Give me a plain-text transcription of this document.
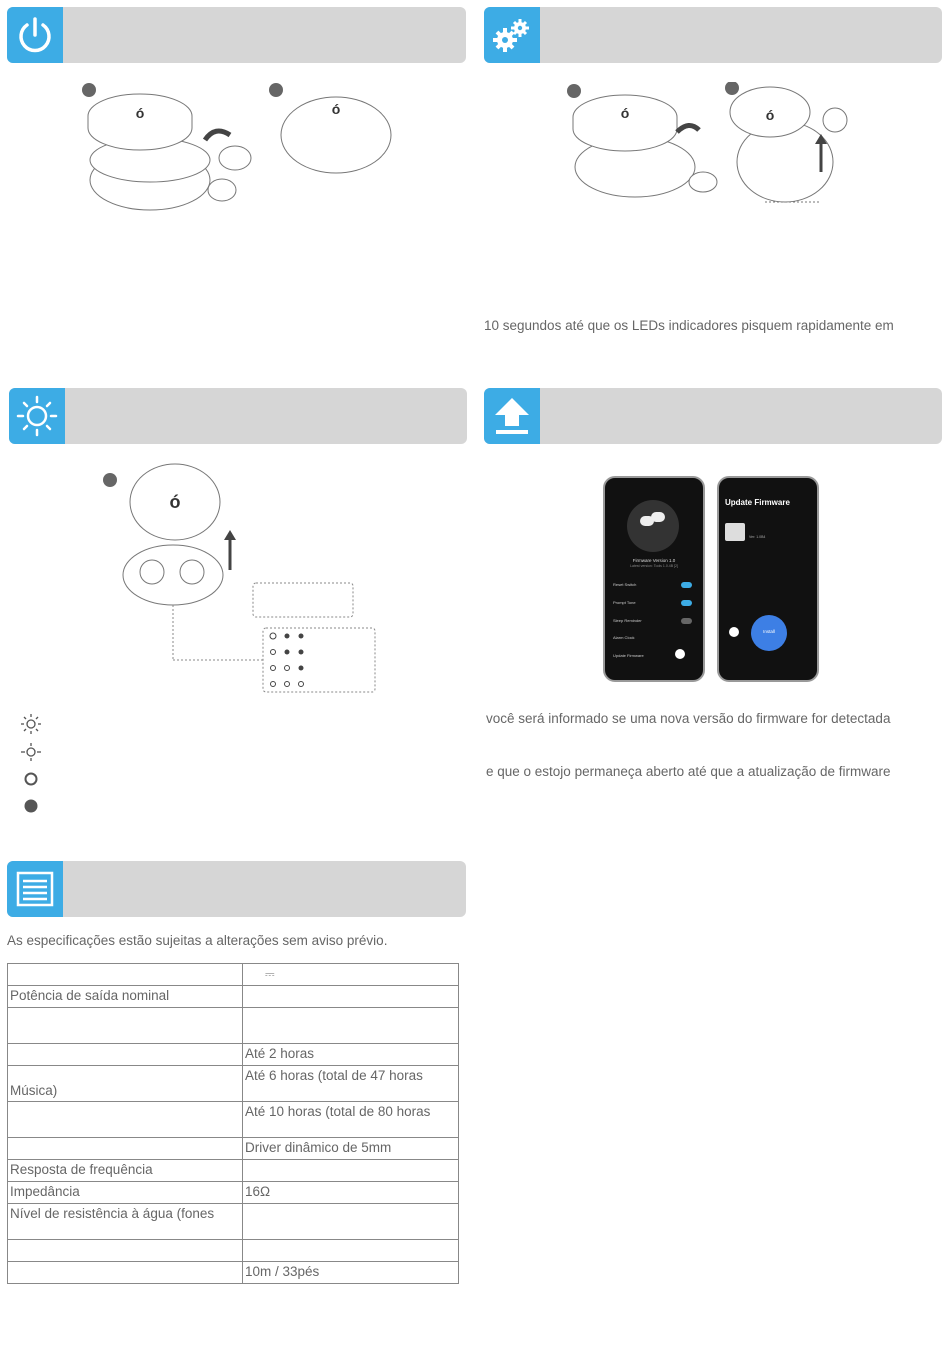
ó	ó	ó	ó
10 segundos até que os LEDs indicadores pisquem rapidamente em
ó
Firmware Version 1.0
Latest version: Tools 1.0.4B [2]
Reset Switch
Prompt Tone
Sleep Reminder
Alarm Clock
Update Firmware
Update Firmware
Ver: 1.0B4
Install
você será informado se uma nova versão do firmware for detectada
e que o estojo permaneça aberto até que a atualização de firmware
As especificações estão sujeitas a alterações sem aviso prévio.
	⎓
Potência de saída nominal	

	Até 2 horas
Música)	Até 6 horas (total de 47 horas
	Até 10 horas (total de 80 horas
	Driver dinâmico de 5mm
Resposta de frequência	
Impedância	16Ω
Nível de resistência à água (fones	

	10m / 33pés
